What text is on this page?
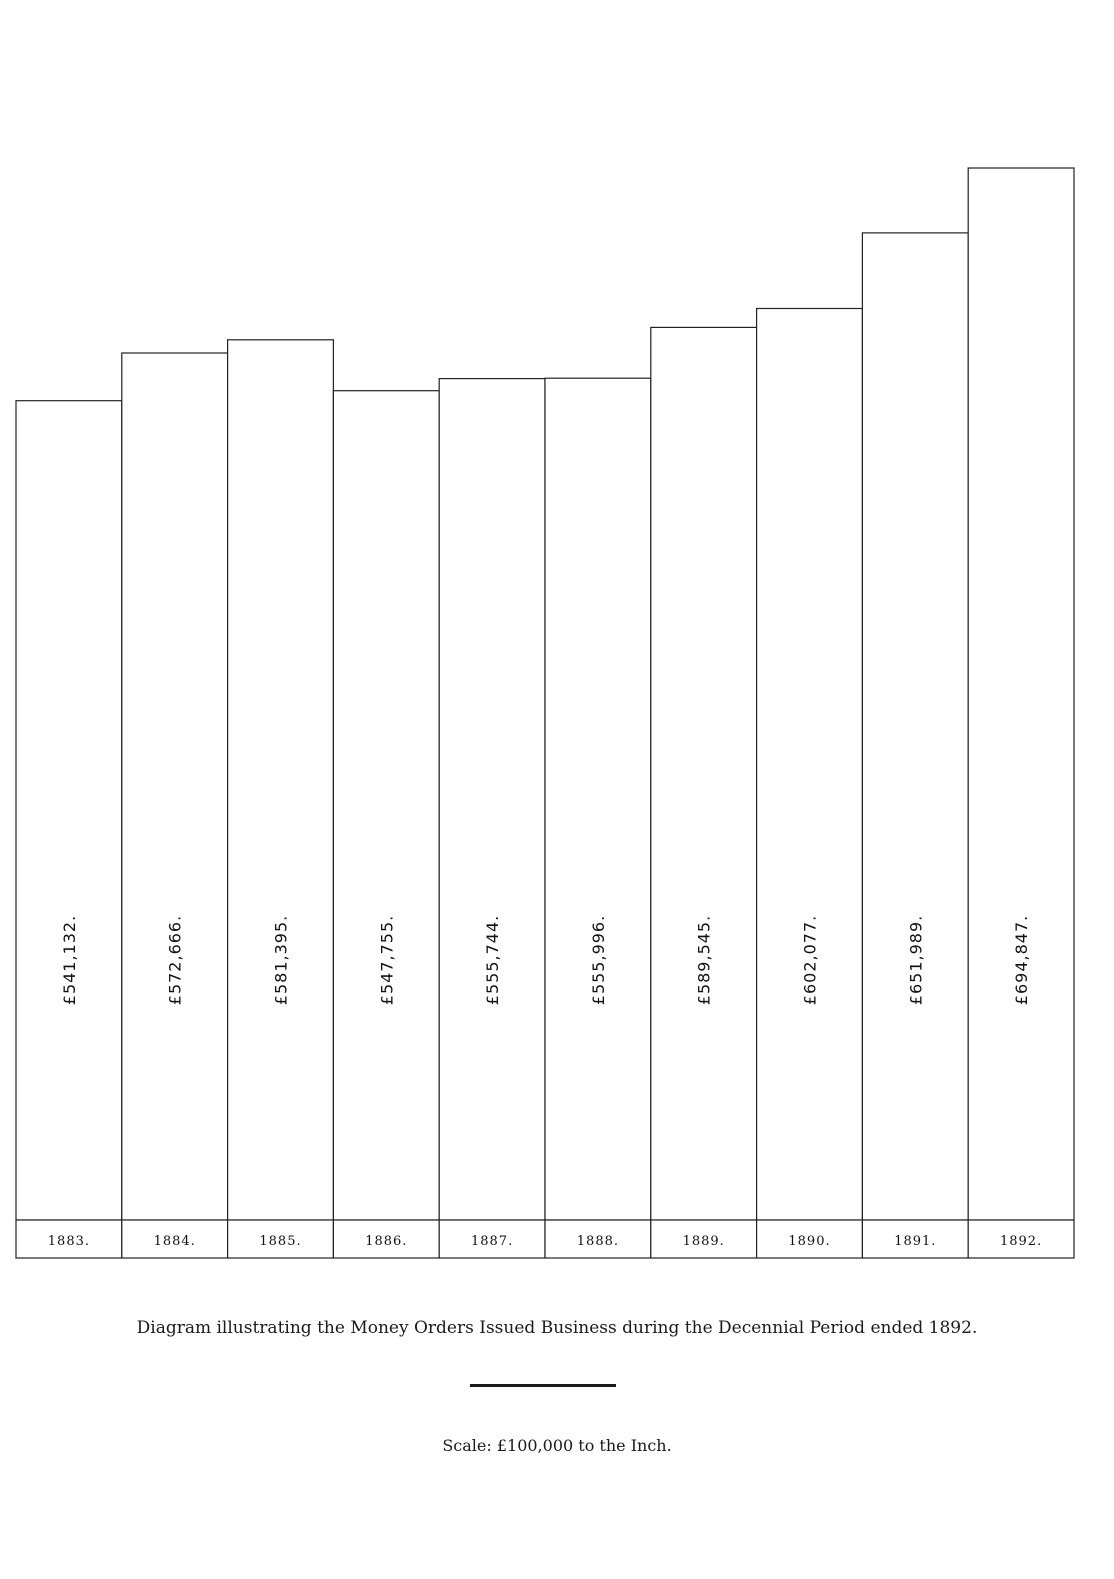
£541,132.	£572,666.	£581,395.	£547,755.	£555,744.	£555,996.	£589,545.	£602,077.	£651,989.	£694,847.
1883.	1884.	1885.	1886.	1887.	1888.	1889.	1890.	1891.	1892.
Diagram illustrating the Money Orders Issued Business during the Decennial Period ended 1892.
Scale: £100,000 to the Inch.
